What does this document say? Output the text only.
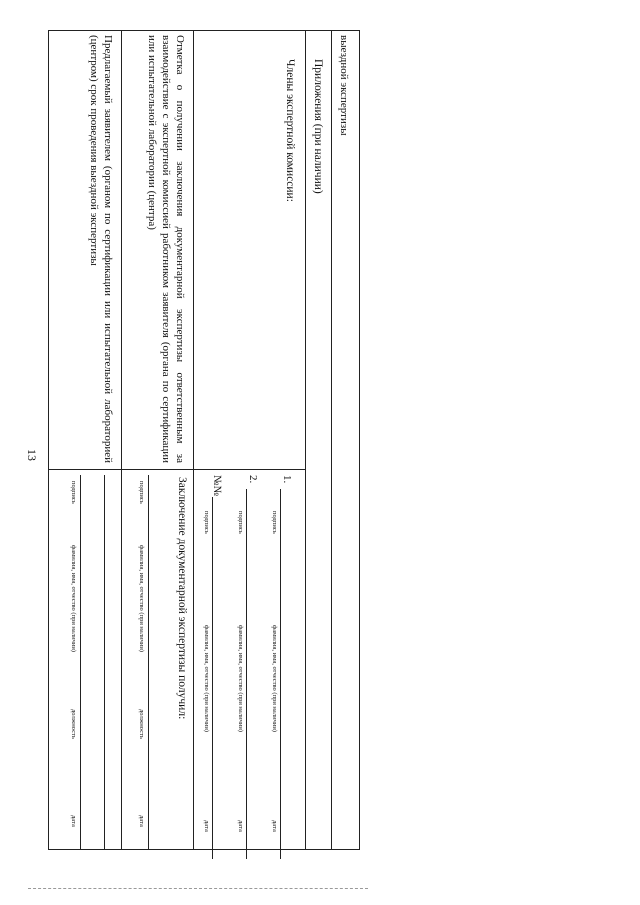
13
выездной экспертизы
Приложения (при наличии)
Члены экспертной комиссии:
1.
подпись
фамилия, имя, отчество (при наличии)
дата
2.
подпись
фамилия, имя, отчество (при наличии)
дата
№№
подпись
фамилия, имя, отчество (при наличии)
дата
Отметка о получении заключения документарной экспертизы ответственным за взаимодействие с экспертной комиссией работником заявителя (органа по сертификации или испытательной лаборатории (центра)
Заключение документарной экспертизы получил:
подпись
фамилия, имя, отчество (при наличии)
должность
дата
Предлагаемый заявителем (органом по сертификации или испытательной лабораторией (центром) срок проведения выездной экспертизы
подпись
фамилия, имя, отчество (при наличии)
должность
дата
